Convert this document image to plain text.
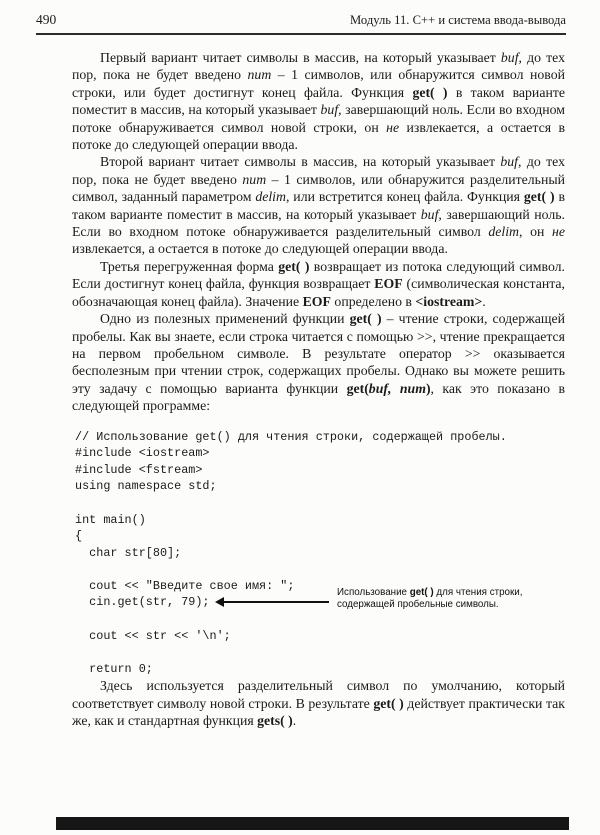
490	Модуль 11. C++ и система ввода-вывода

Первый вариант читает символы в массив, на который указывает buf, до тех пор, пока не будет введено num – 1 символов, или обнаружится символ новой строки, или будет достигнут конец файла. Функция get( ) в таком варианте поместит в массив, на который указывает buf, завершающий ноль. Если во входном потоке обнаруживается символ новой строки, он не извлекается, а остается в потоке до следующей операции ввода.

Второй вариант читает символы в массив, на который указывает buf, до тех пор, пока не будет введено num – 1 символов, или обнаружится разделительный символ, заданный параметром delim, или встретится конец файла. Функция get( ) в таком варианте поместит в массив, на который указывает buf, завершающий ноль. Если во входном потоке обнаруживается разделительный символ delim, он не извлекается, а остается в потоке до следующей операции ввода.

Третья перегруженная форма get( ) возвращает из потока следующий символ. Если достигнут конец файла, функция возвращает EOF (символическая константа, обозначающая конец файла). Значение EOF определено в <iostream>.

Одно из полезных применений функции get( ) – чтение строки, содержащей пробелы. Как вы знаете, если строка читается с помощью >>, чтение прекращается на первом пробельном символе. В результате оператор >> оказывается бесполезным при чтении строк, содержащих пробелы. Однако вы можете решить эту задачу с помощью варианта функции get(buf, num), как это показано в следующей программе:

// Использование get() для чтения строки, содержащей пробелы.
#include <iostream>
#include <fstream>
using namespace std;

int main()
{
char str[80];

cout << "Введите свое имя: ";
cin.get(str, 79);

cout << str << '\n';

return 0;
Использование get( ) для чтения строки, содержащей пробельные символы.

Здесь используется разделительный символ по умолчанию, который соответствует символу новой строки. В результате get( ) действует практически так же, как и стандартная функция gets( ).
